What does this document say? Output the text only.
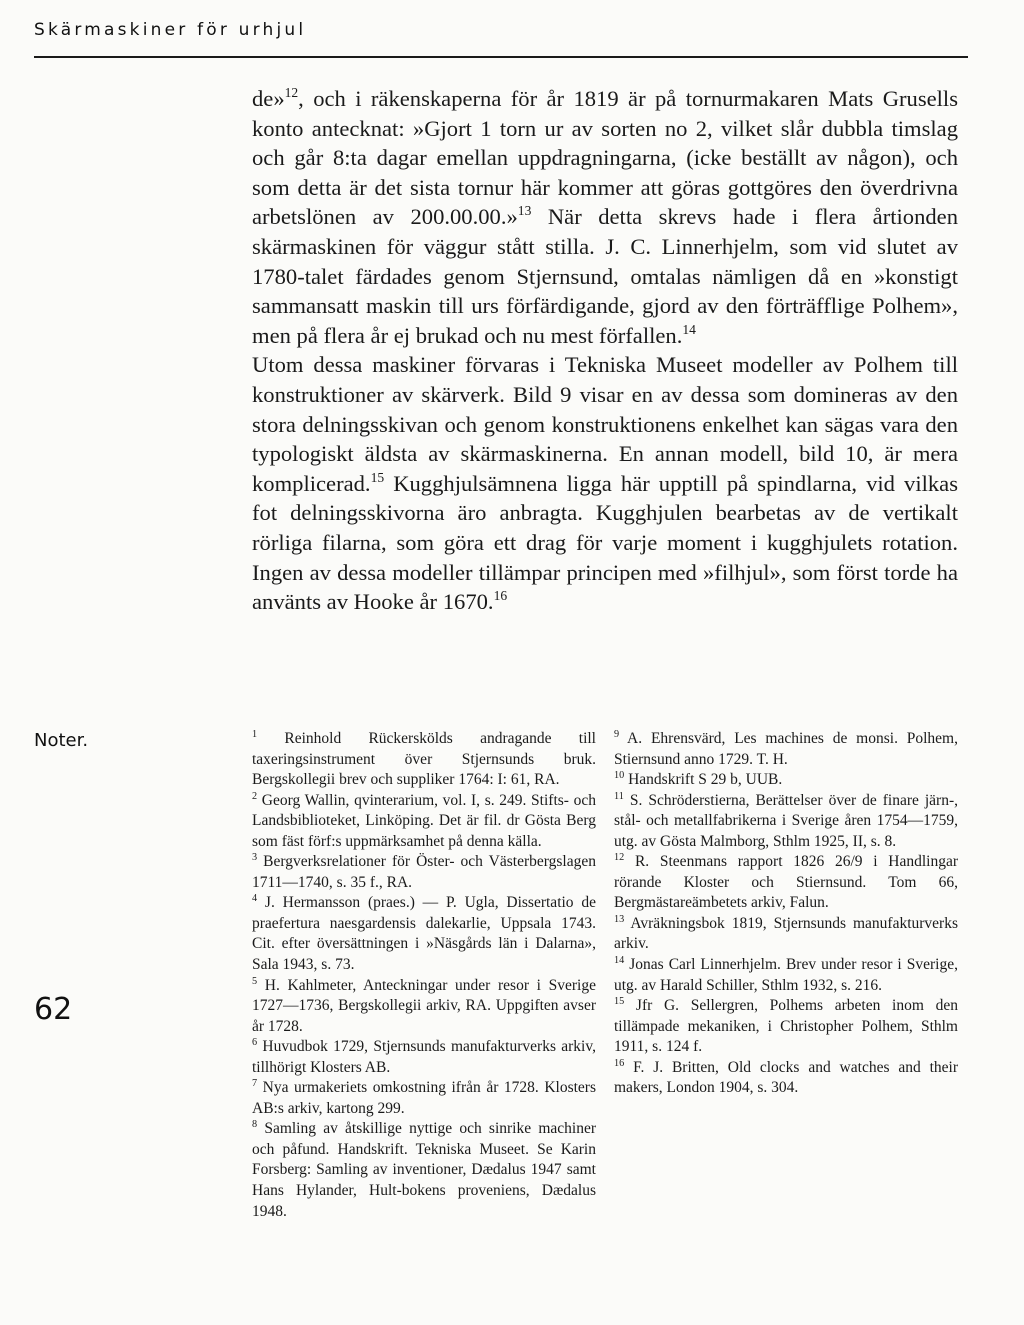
Skärmaskiner för urhjul

de»$^{12}$, och i räkenskaperna för år 1819 är på tornurmakaren Mats Grusells konto antecknat: »Gjort 1 torn ur av sorten no 2, vilket slår dubbla timslag och går 8:ta dagar emellan uppdragningarna, (icke beställt av någon), och som detta är det sista tornur här kommer att göras gottgöres den överdrivna arbetslönen av 200.00.00.»$^{13}$ När detta skrevs hade i flera årtionden skärmaskinen för väggur stått stilla. J. C. Linnerhjelm, som vid slutet av 1780-talet färdades genom Stjernsund, omtalas nämligen då en »konstigt sammansatt maskin till urs förfärdigande, gjord av den förträfflige Polhem», men på flera år ej brukad och nu mest förfallen.$^{14}$

Utom dessa maskiner förvaras i Tekniska Museet modeller av Polhem till konstruktioner av skärverk. Bild 9 visar en av dessa som domineras av den stora delningsskivan och genom konstruktionens enkelhet kan sägas vara den typologiskt äldsta av skärmaskinerna. En annan modell, bild 10, är mera komplicerad.$^{15}$ Kugghjulsämnena ligga här upptill på spindlarna, vid vilkas fot delningsskivorna äro anbragta. Kugghjulen bearbetas av de vertikalt rörliga filarna, som göra ett drag för varje moment i kugghjulets rotation. Ingen av dessa modeller tillämpar principen med »filhjul», som först torde ha använts av Hooke år 1670.16

Noter.
62

$^1$ Reinhold Rückerskölds andragande till taxeringsinstrument över Stjernsunds bruk. Bergskollegii brev och suppliker 1764: I: 61, RA.

$^2$ Georg Wallin, qvinterarium, vol. I, s. 249. Stifts- och Landsbiblioteket, Linköping. Det är fil. dr Gösta Berg som fäst förf:s uppmärksamhet på denna källa.

$^3$ Bergverksrelationer för Öster- och Västerbergslagen 1711—1740, s. 35 f., RA.

$^4$ J. Hermansson (praes.) — P. Ugla, Dissertatio de praefertura naesgardensis dalekarlie, Uppsala 1743. Cit. efter översättningen i »Näsgårds län i Dalarna», Sala 1943, s. 73.

$^5$ H. Kahlmeter, Anteckningar under resor i Sverige 1727—1736, Bergskollegii arkiv, RA. Uppgiften avser år 1728.

$^6$ Huvudbok 1729, Stjernsunds manufakturverks arkiv, tillhörigt Klosters AB.

$^7$ Nya urmakeriets omkostning ifrån år 1728. Klosters AB:s arkiv, kartong 299.

$^8$ Samling av åtskillige nyttige och sinrike machiner och påfund. Handskrift. Tekniska Museet. Se Karin Forsberg: Samling av inventioner, Dædalus 1947 samt Hans Hylander, Hult-bokens proveniens, Dædalus 1948.

$^9$ A. Ehrensvärd, Les machines de monsi. Polhem, Stiernsund anno 1729. T. H.

$^{10}$ Handskrift S 29 b, UUB.

$^{11}$ S. Schröderstierna, Berättelser över de finare järn-, stål- och metallfabrikerna i Sverige åren 1754—1759, utg. av Gösta Malmborg, Sthlm 1925, II, s. 8.

$^{12}$ R. Steenmans rapport 1826 26/9 i Handlingar rörande Kloster och Stiernsund. Tom 66, Bergmästareämbetets arkiv, Falun.

$^{13}$ Avräkningsbok 1819, Stjernsunds manufakturverks arkiv.

$^{14}$ Jonas Carl Linnerhjelm. Brev under resor i Sverige, utg. av Harald Schiller, Sthlm 1932, s. 216.

$^{15}$ Jfr G. Sellergren, Polhems arbeten inom den tillämpade mekaniken, i Christopher Polhem, Sthlm 1911, s. 124 f.

$^{16}$ F. J. Britten, Old clocks and watches and their makers, London 1904, s. 304.
